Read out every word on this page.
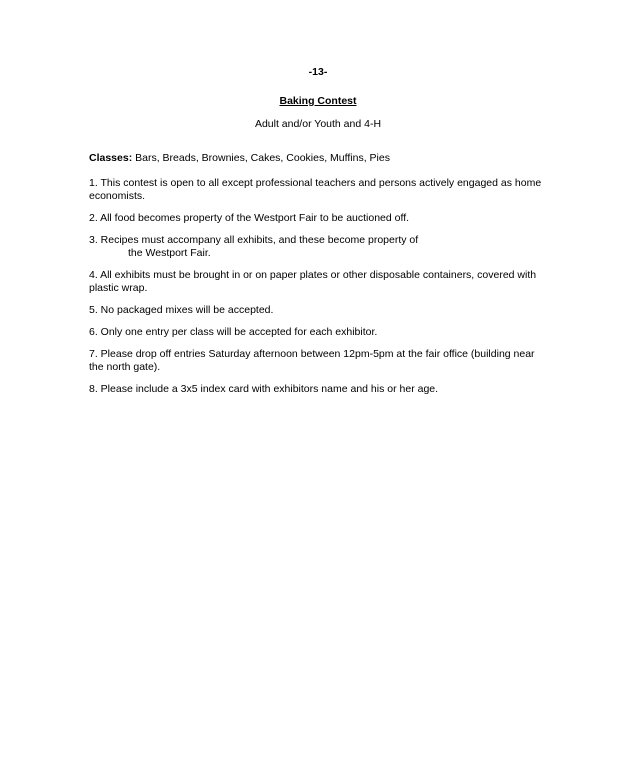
-13-
Baking Contest
Adult and/or Youth and 4-H
Classes: Bars, Breads, Brownies, Cakes, Cookies, Muffins, Pies
1. This contest is open to all except professional teachers and persons actively engaged as home economists.
2. All food becomes property of the Westport Fair to be auctioned off.
3. Recipes must accompany all exhibits, and these become property of
the Westport Fair.
4. All exhibits must be brought in or on paper plates or other disposable containers, covered with plastic wrap.
5. No packaged mixes will be accepted.
6. Only one entry per class will be accepted for each exhibitor.
7. Please drop off entries Saturday afternoon between 12pm-5pm at the fair office (building near the north gate).
8. Please include a 3x5 index card with exhibitors name and his or her age.
